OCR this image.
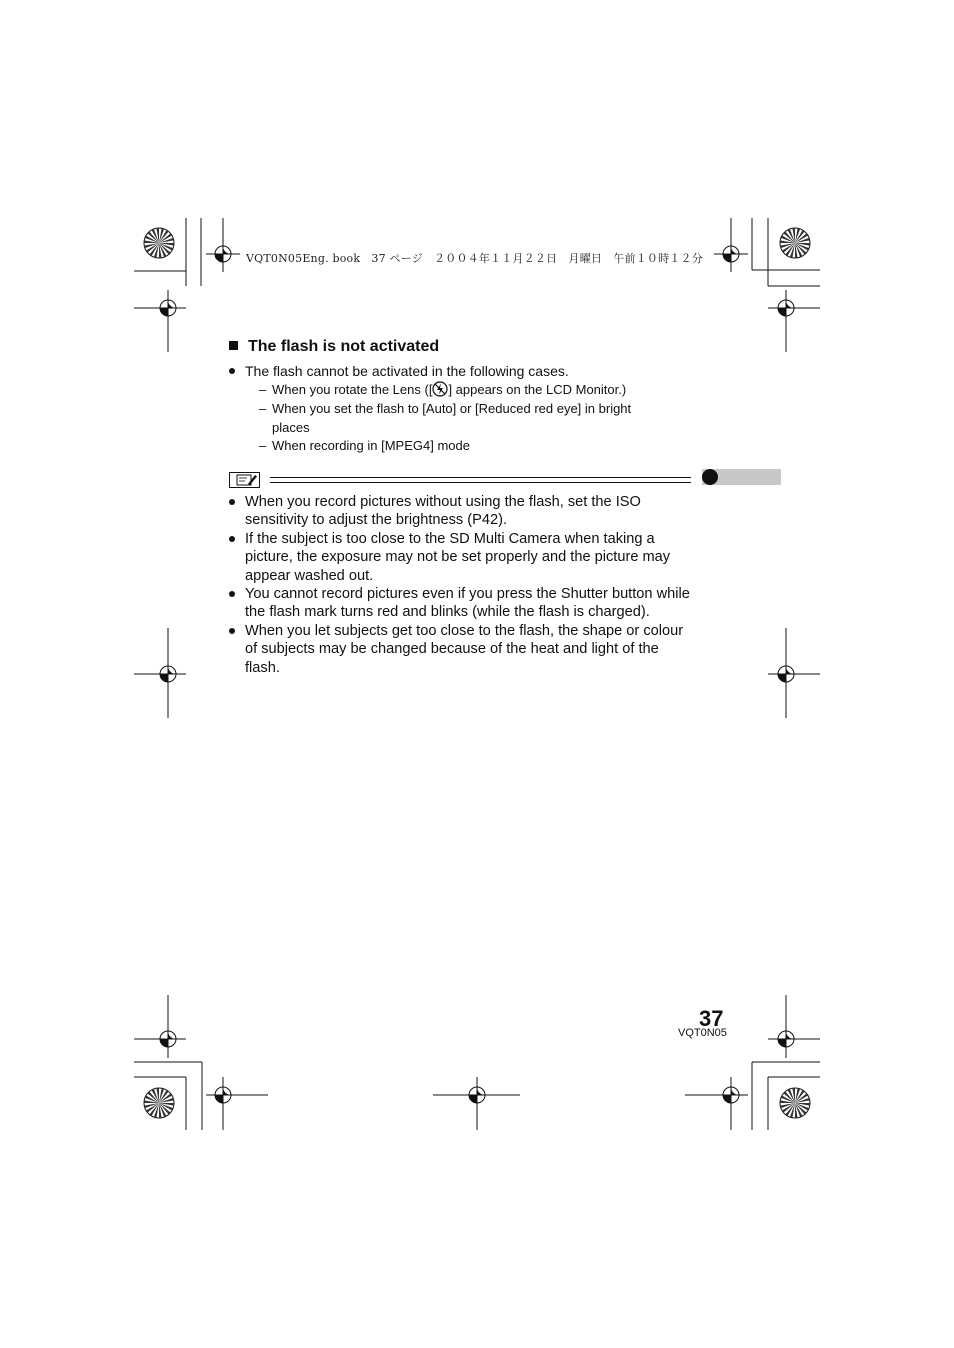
VQT0N05Eng. book　37 ページ　２００４年１１月２２日　月曜日　午前１０時１２分
The flash is not activated
The flash cannot be activated in the following cases.
– When you rotate the Lens ([ ] appears on the LCD Monitor.)
– When you set the flash to [Auto] or [Reduced red eye] in bright
places
– When recording in [MPEG4] mode
When you record pictures without using the flash, set the ISO
sensitivity to adjust the brightness (P42).
If the subject is too close to the SD Multi Camera when taking a
picture, the exposure may not be set properly and the picture may
appear washed out.
You cannot record pictures even if you press the Shutter button while
the flash mark turns red and blinks (while the flash is charged).
When you let subjects get too close to the flash, the shape or colour
of subjects may be changed because of the heat and light of the
flash.
37
VQT0N05
